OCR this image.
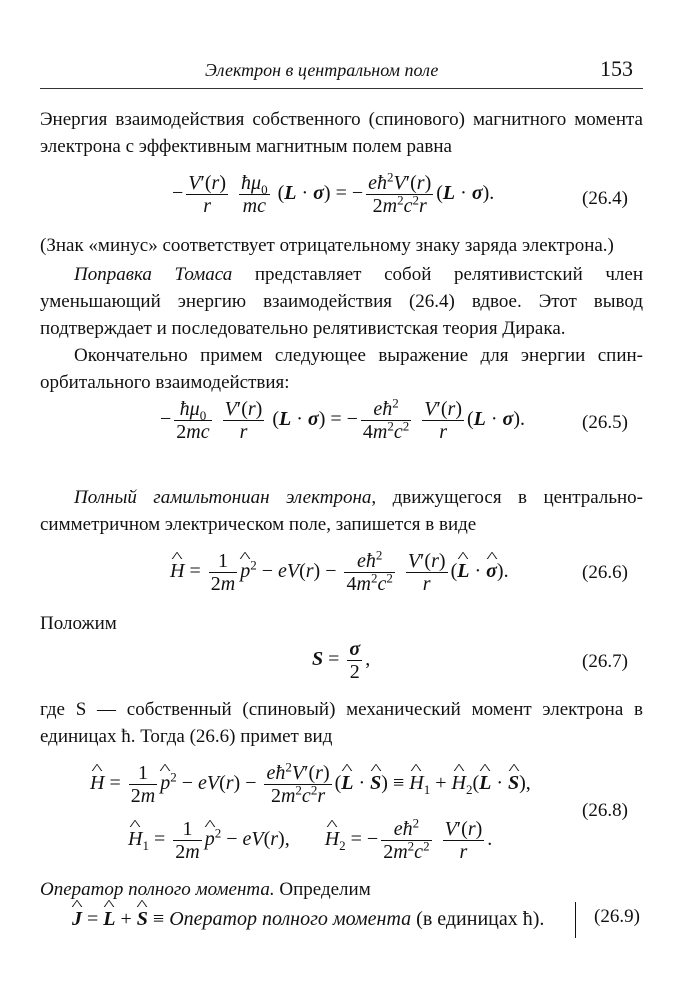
Электрон в центральном поле	153
Энергия взаимодействия собственного (спинового) магнитного момента электрона с эффективным магнитным полем равна
− $\frac{V'(r)}{r}$
$\frac{ħ\mu_0}{mc} (L \cdot \sigma)$ = − $\frac{eħ^2V'(r)}{2m^2c^2r} (L \cdot \sigma)$.	(26.4)
(Знак «минус» соответствует отрицательному знаку заряда электрона.)
Поправка Томаса представляет собой релятивистский член уменьшающий энергию взаимодействия (26.4) вдвое. Этот вывод подтверждает и последовательно релятивистская теория Дирака.
Окончательно примем следующее выражение для энергии спин-орбитального взаимодействия:
− $\frac{ħ\mu_0}{2mc}$
$\frac{V'(r)}{r} (L \cdot \sigma)$ = − $\frac{eħ^2}{4m^2c^2}$
$\frac{V'(r)}{r} (L \cdot \sigma)$.	(26.5)
Полный гамильтониан электрона, движущегося в центрально-симметричном электрическом поле, запишется в виде
^ $H = \frac{1}{2m}$ ^ $p^2 - eV(r) - \frac{eħ^2}{4m^2c^2}$
$\frac{V'(r)}{r}$ (^ L · ^ σ).	(26.6)
Положим
$S = \frac{\sigma}{2}$ ,	(26.7)
где S — собственный (спиновый) механический момент электрона в единицах ħ. Тогда (26.6) примет вид
^ $H = \frac{1}{2m}$ ^ $p^2 - eV(r) - \frac{eħ^2V'(r)}{2m^2c^2r}$ (^ L · ^ S) ≡ ^ $H_1$ + ^ $H_2(\^{}$ L · ^ S),
^ $H_1 = \frac{1}{2m}$ ^ $p^2 - eV(r)$,       ^ $H_2$ = − $\frac{eħ^2}{2m^2c^2}$
$\frac{V'(r)}{r}$ .
(26.8)
Оператор полного момента. Определим
^ J = ^ L + ^ S ≡ Оператор полного момента (в единицах ħ).	(26.9)
